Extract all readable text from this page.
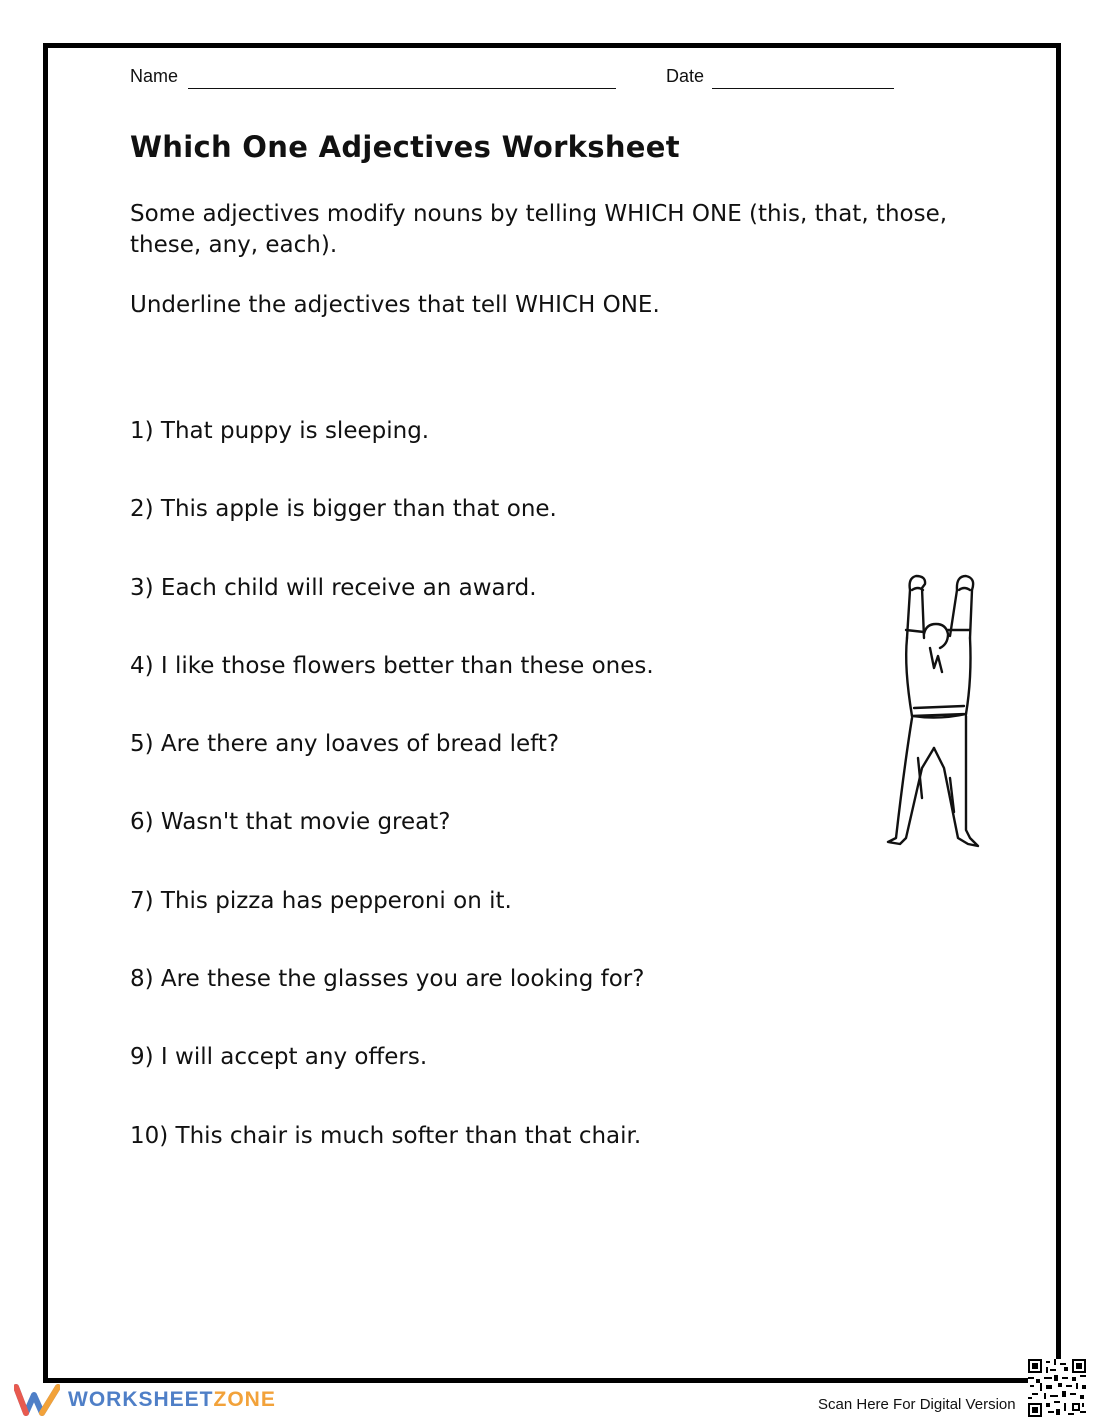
Name	Date
Which One Adjectives Worksheet

Some adjectives modify nouns by telling WHICH ONE (this, that, those, these, any, each).

Underline the adjectives that tell WHICH ONE.

1) That puppy is sleeping.
2) This apple is bigger than that one.
3) Each child will receive an award.
4) I like those flowers better than these ones.
5) Are there any loaves of bread left?
6) Wasn't that movie great?
7) This pizza has pepperoni on it.
8) Are these the glasses you are looking for?
9) I will accept any offers.
10) This chair is much softer than that chair.
WORKSHEETZONE	Scan Here For Digital Version
